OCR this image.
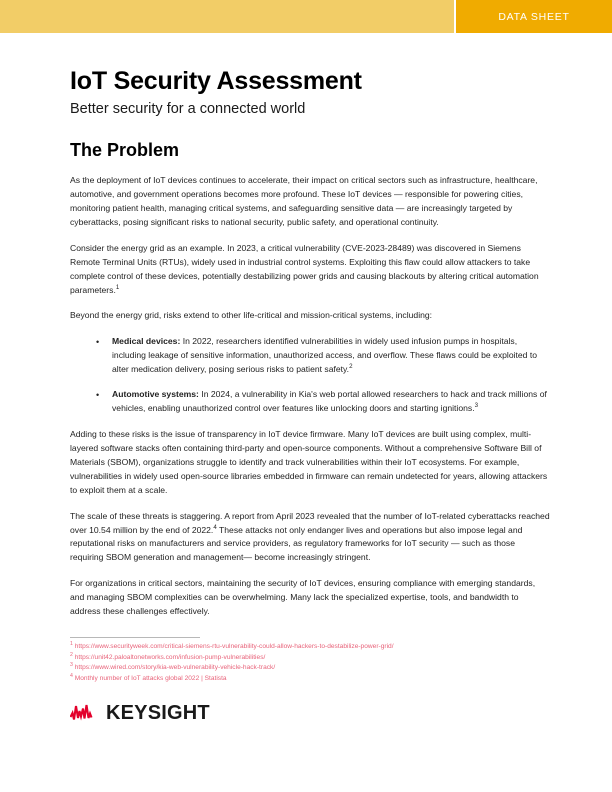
DATA SHEET
IoT Security Assessment
Better security for a connected world
The Problem

As the deployment of IoT devices continues to accelerate, their impact on critical sectors such as infrastructure, healthcare, automotive, and government operations becomes more profound. These IoT devices — responsible for powering cities, monitoring patient health, managing critical systems, and safeguarding sensitive data — are increasingly targeted by cyberattacks, posing significant risks to national security, public safety, and operational continuity.

Consider the energy grid as an example. In 2023, a critical vulnerability (CVE-2023-28489) was discovered in Siemens Remote Terminal Units (RTUs), widely used in industrial control systems. Exploiting this flaw could allow attackers to take complete control of these devices, potentially destabilizing power grids and causing blackouts by altering critical automation parameters.$^1$

Beyond the energy grid, risks extend to other life-critical and mission-critical systems, including:

• Medical devices: In 2022, researchers identified vulnerabilities in widely used infusion pumps in hospitals, including leakage of sensitive information, unauthorized access, and overflow. These flaws could be exploited to alter medication delivery, posing serious risks to patient safety.$^2$
• Automotive systems: In 2024, a vulnerability in Kia's web portal allowed researchers to hack and track millions of vehicles, enabling unauthorized control over features like unlocking doors and starting ignitions.$^3$

Adding to these risks is the issue of transparency in IoT device firmware. Many IoT devices are built using complex, multi-layered software stacks often containing third-party and open-source components. Without a comprehensive Software Bill of Materials (SBOM), organizations struggle to identify and track vulnerabilities within their IoT ecosystems. For example, vulnerabilities in widely used open-source libraries embedded in firmware can remain undetected for years, allowing attackers to exploit them at a scale.

The scale of these threats is staggering. A report from April 2023 revealed that the number of IoT-related cyberattacks reached over 10.54 million by the end of 2022.$^4$ These attacks not only endanger lives and operations but also impose legal and reputational risks on manufacturers and service providers, as regulatory frameworks for IoT security — such as those requiring SBOM generation and management— become increasingly stringent.

For organizations in critical sectors, maintaining the security of IoT devices, ensuring compliance with emerging standards, and managing SBOM complexities can be overwhelming. Many lack the specialized expertise, tools, and bandwidth to address these challenges effectively.

$^1$ https://www.securityweek.com/critical-siemens-rtu-vulnerability-could-allow-hackers-to-destabilize-power-grid/
$^2$ https://unit42.paloaltonetworks.com/infusion-pump-vulnerabilities/
$^3$ https://www.wired.com/story/kia-web-vulnerability-vehicle-hack-track/
$^4$ Monthly number of IoT attacks global 2022 | Statista
KEYSIGHT
